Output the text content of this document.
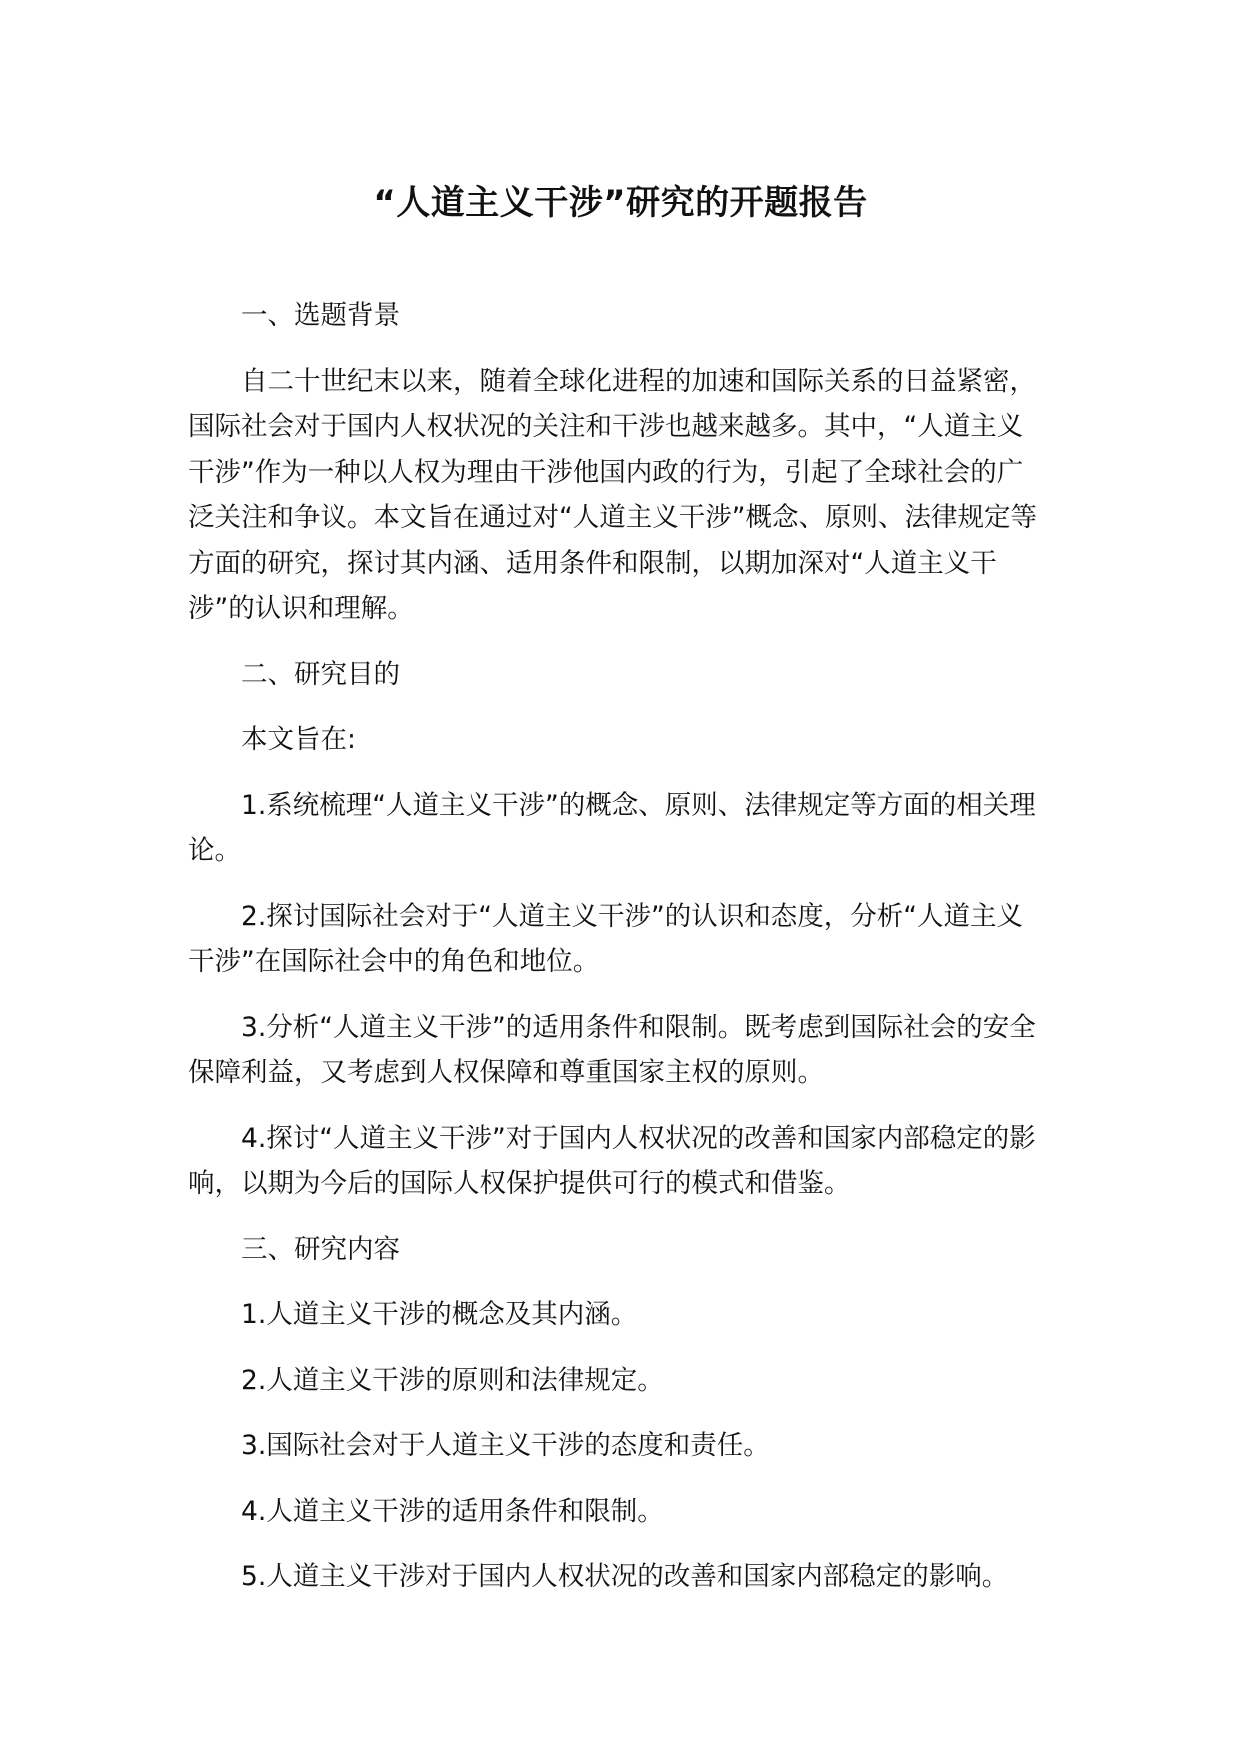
“人道主义干涉”研究的开题报告

一、选题背景

自二十世纪末以来，随着全球化进程的加速和国际关系的日益紧密，国际社会对于国内人权状况的关注和干涉也越来越多。其中，“人道主义干涉”作为一种以人权为理由干涉他国内政的行为，引起了全球社会的广泛关注和争议。本文旨在通过对“人道主义干涉”概念、原则、法律规定等方面的研究，探讨其内涵、适用条件和限制，以期加深对“人道主义干涉”的认识和理解。

二、研究目的

本文旨在:

1.系统梳理“人道主义干涉”的概念、原则、法律规定等方面的相关理论。

2.探讨国际社会对于“人道主义干涉”的认识和态度，分析“人道主义干涉”在国际社会中的角色和地位。

3.分析“人道主义干涉”的适用条件和限制。既考虑到国际社会的安全保障利益，又考虑到人权保障和尊重国家主权的原则。

4.探讨“人道主义干涉”对于国内人权状况的改善和国家内部稳定的影响，以期为今后的国际人权保护提供可行的模式和借鉴。

三、研究内容

1.人道主义干涉的概念及其内涵。

2.人道主义干涉的原则和法律规定。

3.国际社会对于人道主义干涉的态度和责任。

4.人道主义干涉的适用条件和限制。

5.人道主义干涉对于国内人权状况的改善和国家内部稳定的影响。
